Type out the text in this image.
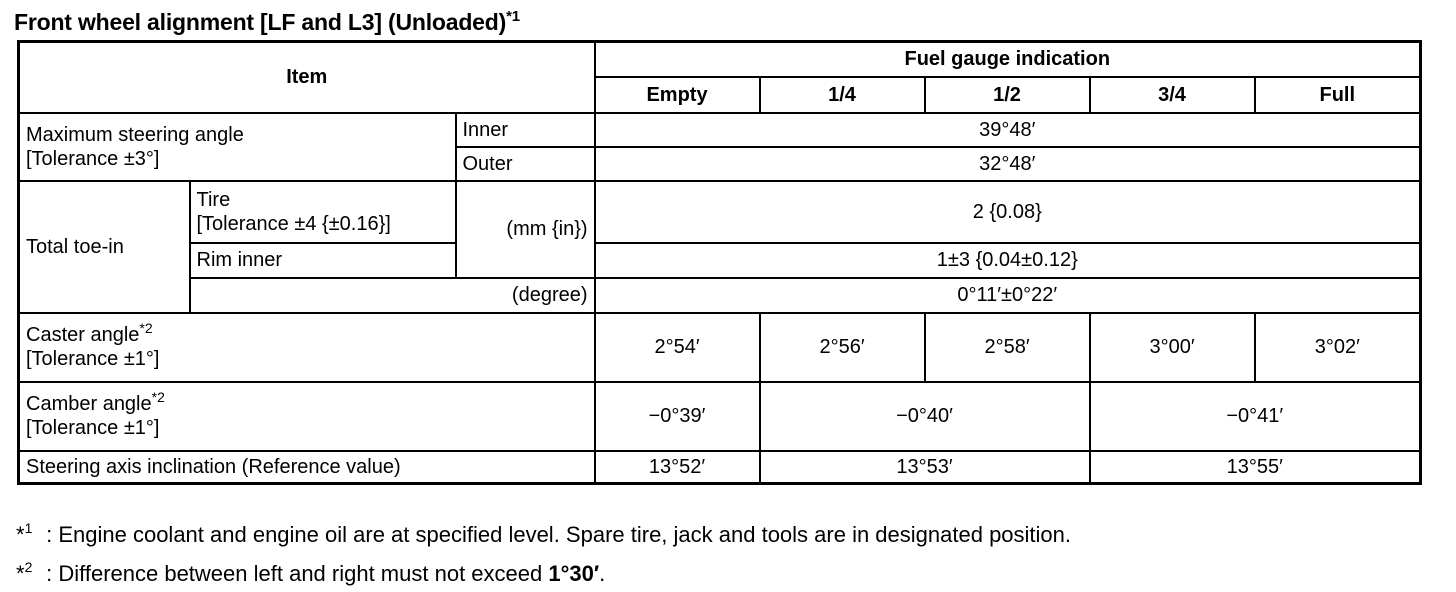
Front wheel alignment [LF and L3] (Unloaded)$^{*1}$
Item			Fuel gauge indication				
			Empty	1/4	1/2	3/4	Full

Maximum steering angle
[Tolerance ±3°]		Inner	39°48′				
		Outer	32°48′				
Total toe-in	Tire
[Tolerance ±4 {±0.16}]	(mm {in})	2 {0.08}				
	Rim inner		1±3 {0.04±0.12}				
	(degree)		0°11′±0°22′				

Caster angle$^{*2}$
[Tolerance ±1°]			2°54′	2°56′	2°58′	3°00′	3°02′

Camber angle$^{*2}$
[Tolerance ±1°]			−0°39′	−0°40′		−0°41′	
Steering axis inclination (Reference value)			13°52′	13°53′		13°55′	
*$^1$ : Engine coolant and engine oil are at specified level. Spare tire, jack and tools are in designated position.
*$^2$ : Difference between left and right must not exceed 1°30′.
